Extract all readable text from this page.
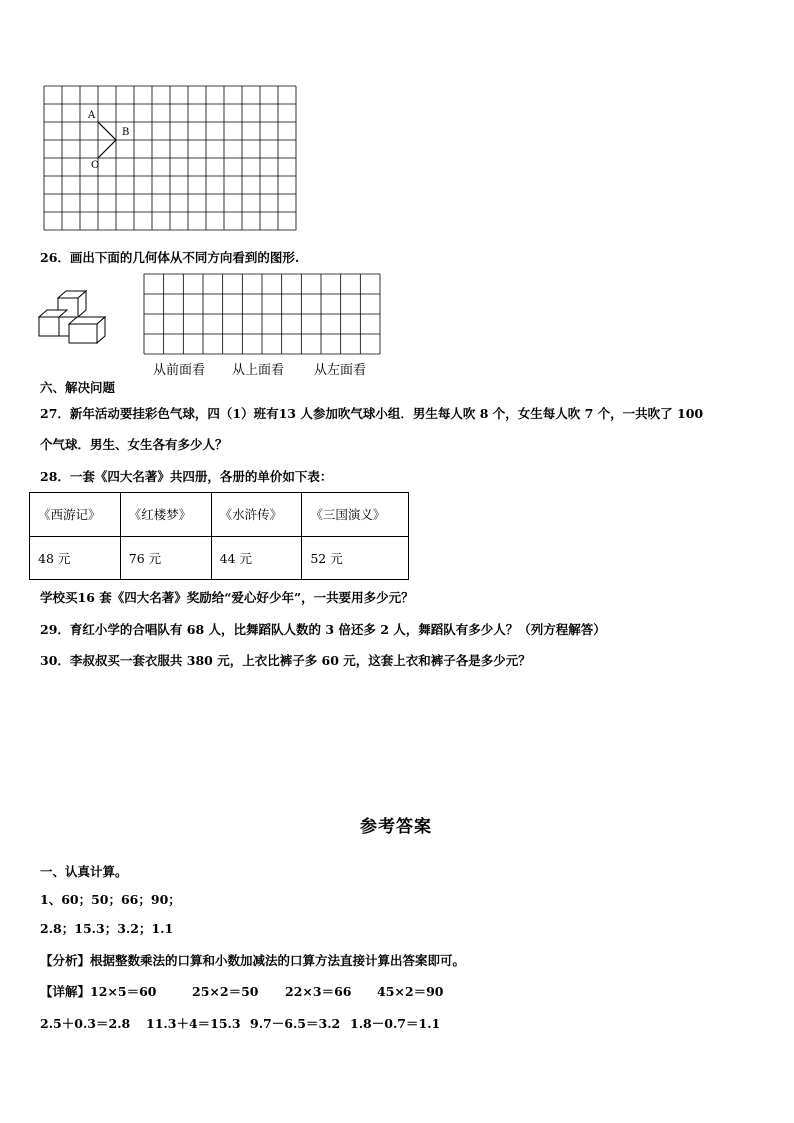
A
B
O
26．画出下面的几何体从不同方向看到的图形.
从前面看 从上面看 从左面看
六、解决问题
27．新年活动要挂彩色气球，四（1）班有13 人参加吹气球小组．男生每人吹 8 个，女生每人吹 7 个，一共吹了 100
个气球．男生、女生各有多少人？
28．一套《四大名著》共四册，各册的单价如下表：
《西游记》	《红楼梦》	《水浒传》	《三国演义》
48 元	76 元	44 元	52 元
学校买16 套《四大名著》奖励给“爱心好少年”，一共要用多少元？
29．育红小学的合唱队有 68 人，比舞蹈队人数的 3 倍还多 2 人，舞蹈队有多少人？（列方程解答）
30．李叔叔买一套衣服共 380 元，上衣比裤子多 60 元，这套上衣和裤子各是多少元？
参考答案
一、认真计算。
1、60；50；66；90；
2.8；15.3；3.2；1.1
【分析】根据整数乘法的口算和小数加减法的口算方法直接计算出答案即可。
【详解】 12×5＝60	25×2＝50 22×3＝66 45×2＝90
2.5＋0.3＝2.8 11.3＋4＝15.3 9.7－6.5＝3.2 1.8－0.7＝1.1
